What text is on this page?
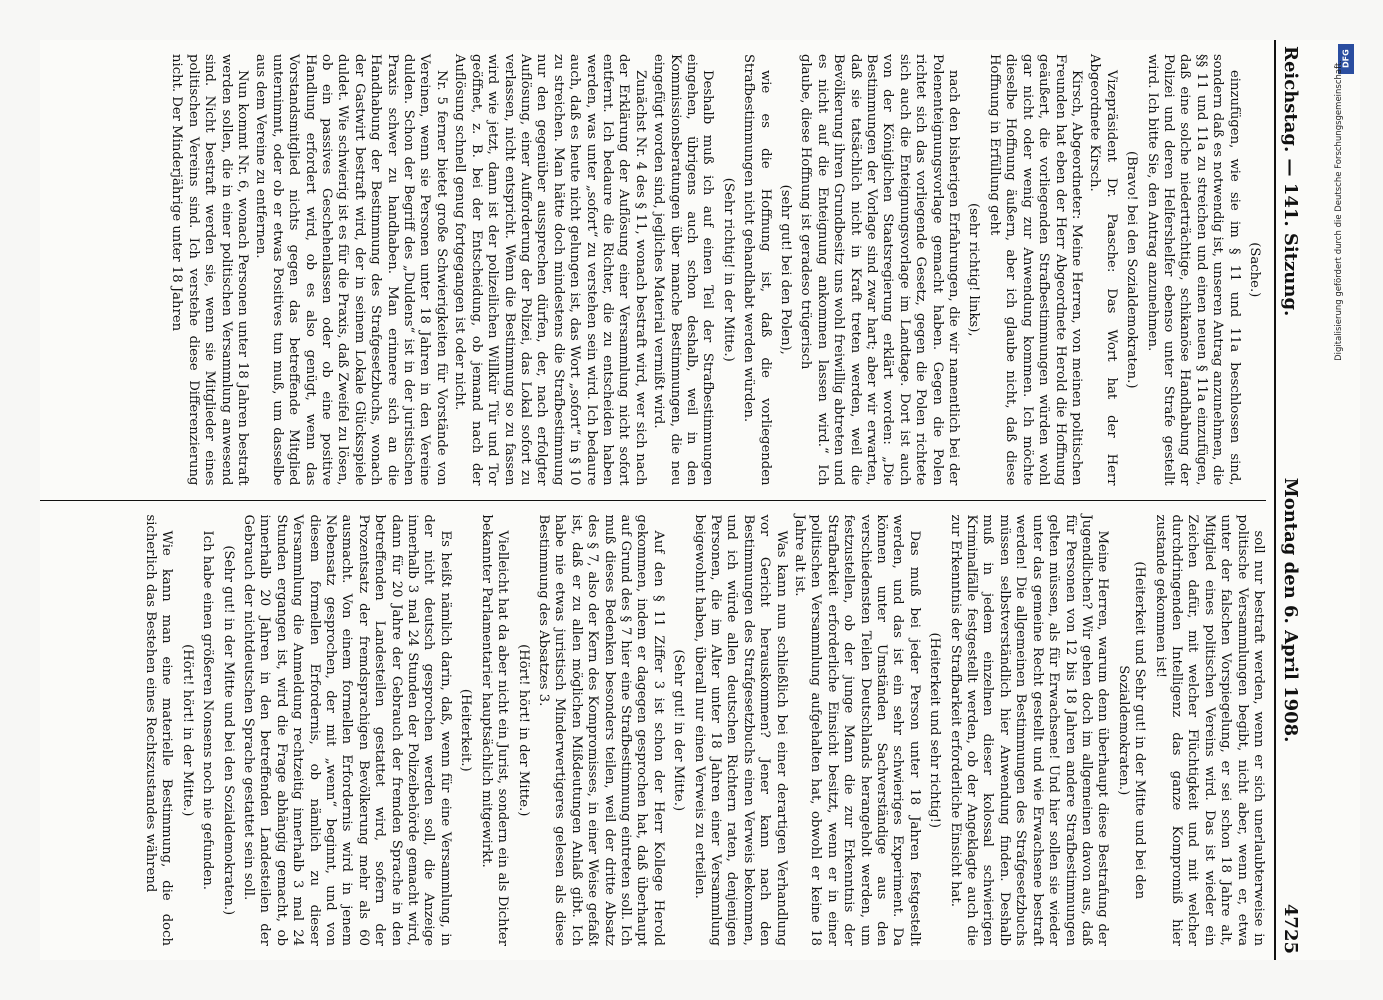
Reichstag. — 141. Sitzung.
Montag den 6. April 1908.
4725

(Sache.)

einzufügen, wie sie im § 11 und 11a beschlossen sind, sondern daß es notwendig ist, unseren Antrag anzunehmen, die §§ 11 und 11a zu streichen und einen neuen § 11a einzufügen, daß eine solche niederträchtige, schikanöse Handhabung der Polizei und deren Helfershelfer ebenso unter Strafe gestellt wird. Ich bitte Sie, den Antrag anzunehmen.

(Bravo! bei den Sozialdemokraten.)

Vizepräsident Dr. Paasche: Das Wort hat der Herr Abgeordnete Kirsch.

Kirsch, Abgeordneter: Meine Herren, von meinen politischen Freunden hat eben der Herr Abgeordnete Herold die Hoffnung geäußert, die vorliegenden Strafbestimmungen würden wohl gar nicht oder wenig zur Anwendung kommen. Ich möchte dieselbe Hoffnung äußern, aber ich glaube nicht, daß diese Hoffnung in Erfüllung geht

(sehr richtig! links),

nach den bisherigen Erfahrungen, die wir namentlich bei der Polenenteignungsvorlage gemacht haben. Gegen die Polen richtet sich das vorliegende Gesetz, gegen die Polen richtete sich auch die Enteignungsvorlage im Landtage. Dort ist auch von der Königlichen Staatsregierung erklärt worden: „Die Bestimmungen der Vorlage sind zwar hart; aber wir erwarten, daß sie tatsächlich nicht in Kraft treten werden, weil die Bevölkerung ihren Grundbesitz uns wohl freiwillig abtreten und es nicht auf die Enteignung ankommen lassen wird.“ Ich glaube, diese Hoffnung ist geradeso trügerisch

(sehr gut! bei den Polen),

wie es die Hoffnung ist, daß die vorliegenden Strafbestimmungen nicht gehandhabt werden würden.

(Sehr richtig! in der Mitte.)

Deshalb muß ich auf einen Teil der Strafbestimmungen eingehen, übrigens auch schon deshalb, weil in den Kommissionsberatungen über manche Bestimmungen, die neu eingefügt worden sind, jegliches Material vermißt wird.

Zunächst Nr. 4 des § 11, wonach bestraft wird, wer sich nach der Erklärung der Auflösung einer Versammlung nicht sofort entfernt. Ich bedaure die Richter, die zu entscheiden haben werden, was unter „sofort“ zu verstehen sein wird. Ich bedaure auch, daß es heute nicht gelungen ist, das Wort „sofort“ in § 10 zu streichen. Man hätte doch mindestens die Strafbestimmung nur den gegenüber aussprechen dürfen, der, nach erfolgter Auflösung, einer Aufforderung der Polizei, das Lokal sofort zu verlassen, nicht entspricht. Wenn die Bestimmung so zu fassen wird wie jetzt, dann ist der polizeilichen Willkür Tür und Tor geöffnet, z. B. bei der Entscheidung, ob jemand nach der Auflösung schnell genug fortgegangen ist oder nicht.

Nr. 5 ferner bietet große Schwierigkeiten für Vorstände von Vereinen, wenn sie Personen unter 18 Jahren in den Vereine dulden. Schon der Begriff des „Duldens“ ist in der juristischen Praxis schwer zu handhaben. Man erinnere sich an die Handhabung der Bestimmung des Strafgesetzbuchs, wonach der Gastwirt bestraft wird, der in seinem Lokale Glücksspiele duldet. Wie schwierig ist es für die Praxis, daß Zweifel zu lösen, ob ein passives Geschehenlassen oder ob eine positive Handlung erfordert wird, ob es also genügt, wenn das Vorstandsmitglied nichts gegen das betreffende Mitglied unternimmt, oder ob er etwas Positives tun muß, um dasselbe aus dem Vereine zu entfernen.

Nun kommt Nr. 6, wonach Personen unter 18 Jahren bestraft werden sollen, die in einer politischen Versammlung anwesend sind. Nicht bestraft werden sie, wenn sie Mitglieder eines politischen Vereins sind. Ich verstehe diese Differenzierung nicht. Der Minderjährige unter 18 Jahren

soll nur bestraft werden, wenn er sich unerlaubterweise in politische Versammlungen begibt, nicht aber, wenn er, etwa unter der falschen Vorspiegelung, er sei schon 18 Jahre alt, Mitglied eines politischen Vereins wird. Das ist wieder ein Zeichen dafür, mit welcher Flüchtigkeit und mit welcher durchdringenden Intelligenz das ganze Kompromiß hier zustande gekommen ist!

(Heiterkeit und Sehr gut! in der Mitte und bei den Sozialdemokraten.)

Meine Herren, warum denn überhaupt diese Bestrafung der Jugendlichen? Wir gehen doch im allgemeinen davon aus, daß für Personen von 12 bis 18 Jahren andere Strafbestimmungen gelten müssen, als für Erwachsene! Und hier sollen sie wieder unter das gemeine Recht gestellt und wie Erwachsene bestraft werden! Die allgemeinen Bestimmungen des Strafgesetzbuchs müssen selbstverständlich hier Anwendung finden. Deshalb muß in jedem einzelnen dieser kolossal schwierigen Kriminalfälle festgestellt werden, ob der Angeklagte auch die zur Erkenntnis der Strafbarkeit erforderliche Einsicht hat.

(Heiterkeit und sehr richtig!)

Das muß bei jeder Person unter 18 Jahren festgestellt werden, und das ist ein sehr schwieriges Experiment. Da können unter Umständen Sachverständige aus den verschiedensten Teilen Deutschlands herangeholt werden, um festzustellen, ob der junge Mann die zur Erkenntnis der Strafbarkeit erforderliche Einsicht besitzt, wenn er in einer politischen Versammlung aufgehalten hat, obwohl er keine 18 Jahre alt ist.

Was kann nun schließlich bei einer derartigen Verhandlung vor Gericht herauskommen? Jener kann nach den Bestimmungen des Strafgesetzbuchs einen Verweis bekommen, und ich würde allen deutschen Richtern raten, denjenigen Personen, die im Alter unter 18 Jahren einer Versammlung beigewohnt haben, überall nur einen Verweis zu erteilen.

(Sehr gut! in der Mitte.)

Auf den § 11 Ziffer 3 ist schon der Herr Kollege Herold gekommen, indem er dagegen gesprochen hat, daß überhaupt auf Grund des § 7 hier eine Strafbestimmung eintreten soll. Ich muß dieses Bedenken besonders teilen, weil der dritte Absatz des § 7, also der Kern des Kompromisses, in einer Weise gefaßt ist, daß er zu allen möglichen Mißdeutungen Anlaß gibt. Ich habe nie etwas juristisch Minderwertigeres gelesen als diese Bestimmung des Absatzes 3.

(Hört! hört! in der Mitte.)

Vielleicht hat da aber nicht ein Jurist, sondern ein als Dichter bekannter Parlamentarier hauptsächlich mitgewirkt.

(Heiterkeit.)

Es heißt nämlich darin, daß, wenn für eine Versammlung, in der nicht deutsch gesprochen werden soll, die Anzeige innerhalb 3 mal 24 Stunden der Polizeibehörde gemacht wird, dann für 20 Jahre der Gebrauch der fremden Sprache in den betreffenden Landesteilen gestattet wird, sofern der Prozentsatz der fremdsprachigen Bevölkerung mehr als 60 ausmacht. Von einem formellen Erfordernis wird in jenem Nebensatz gesprochen, der mit „wenn“ beginnt, und von diesem formellen Erfordernis, ob nämlich zu dieser Versammlung die Anmeldung rechtzeitig innerhalb 3 mal 24 Stunden ergangen ist, wird die Frage abhängig gemacht, ob innerhalb 20 Jahren in den betreffenden Landesteilen der Gebrauch der nichtdeutschen Sprache gestattet sein soll.

(Sehr gut! in der Mitte und bei den Sozialdemokraten.)

Ich habe einen größeren Nonsens noch nie gefunden.

(Hört! hört! in der Mitte.)

Wie kann man eine materielle Bestimmung, die doch sicherlich das Bestehen eines Rechtszustandes während

DFG
Digitalisierung gefördert durch die Deutsche Forschungsgemeinschaft.
